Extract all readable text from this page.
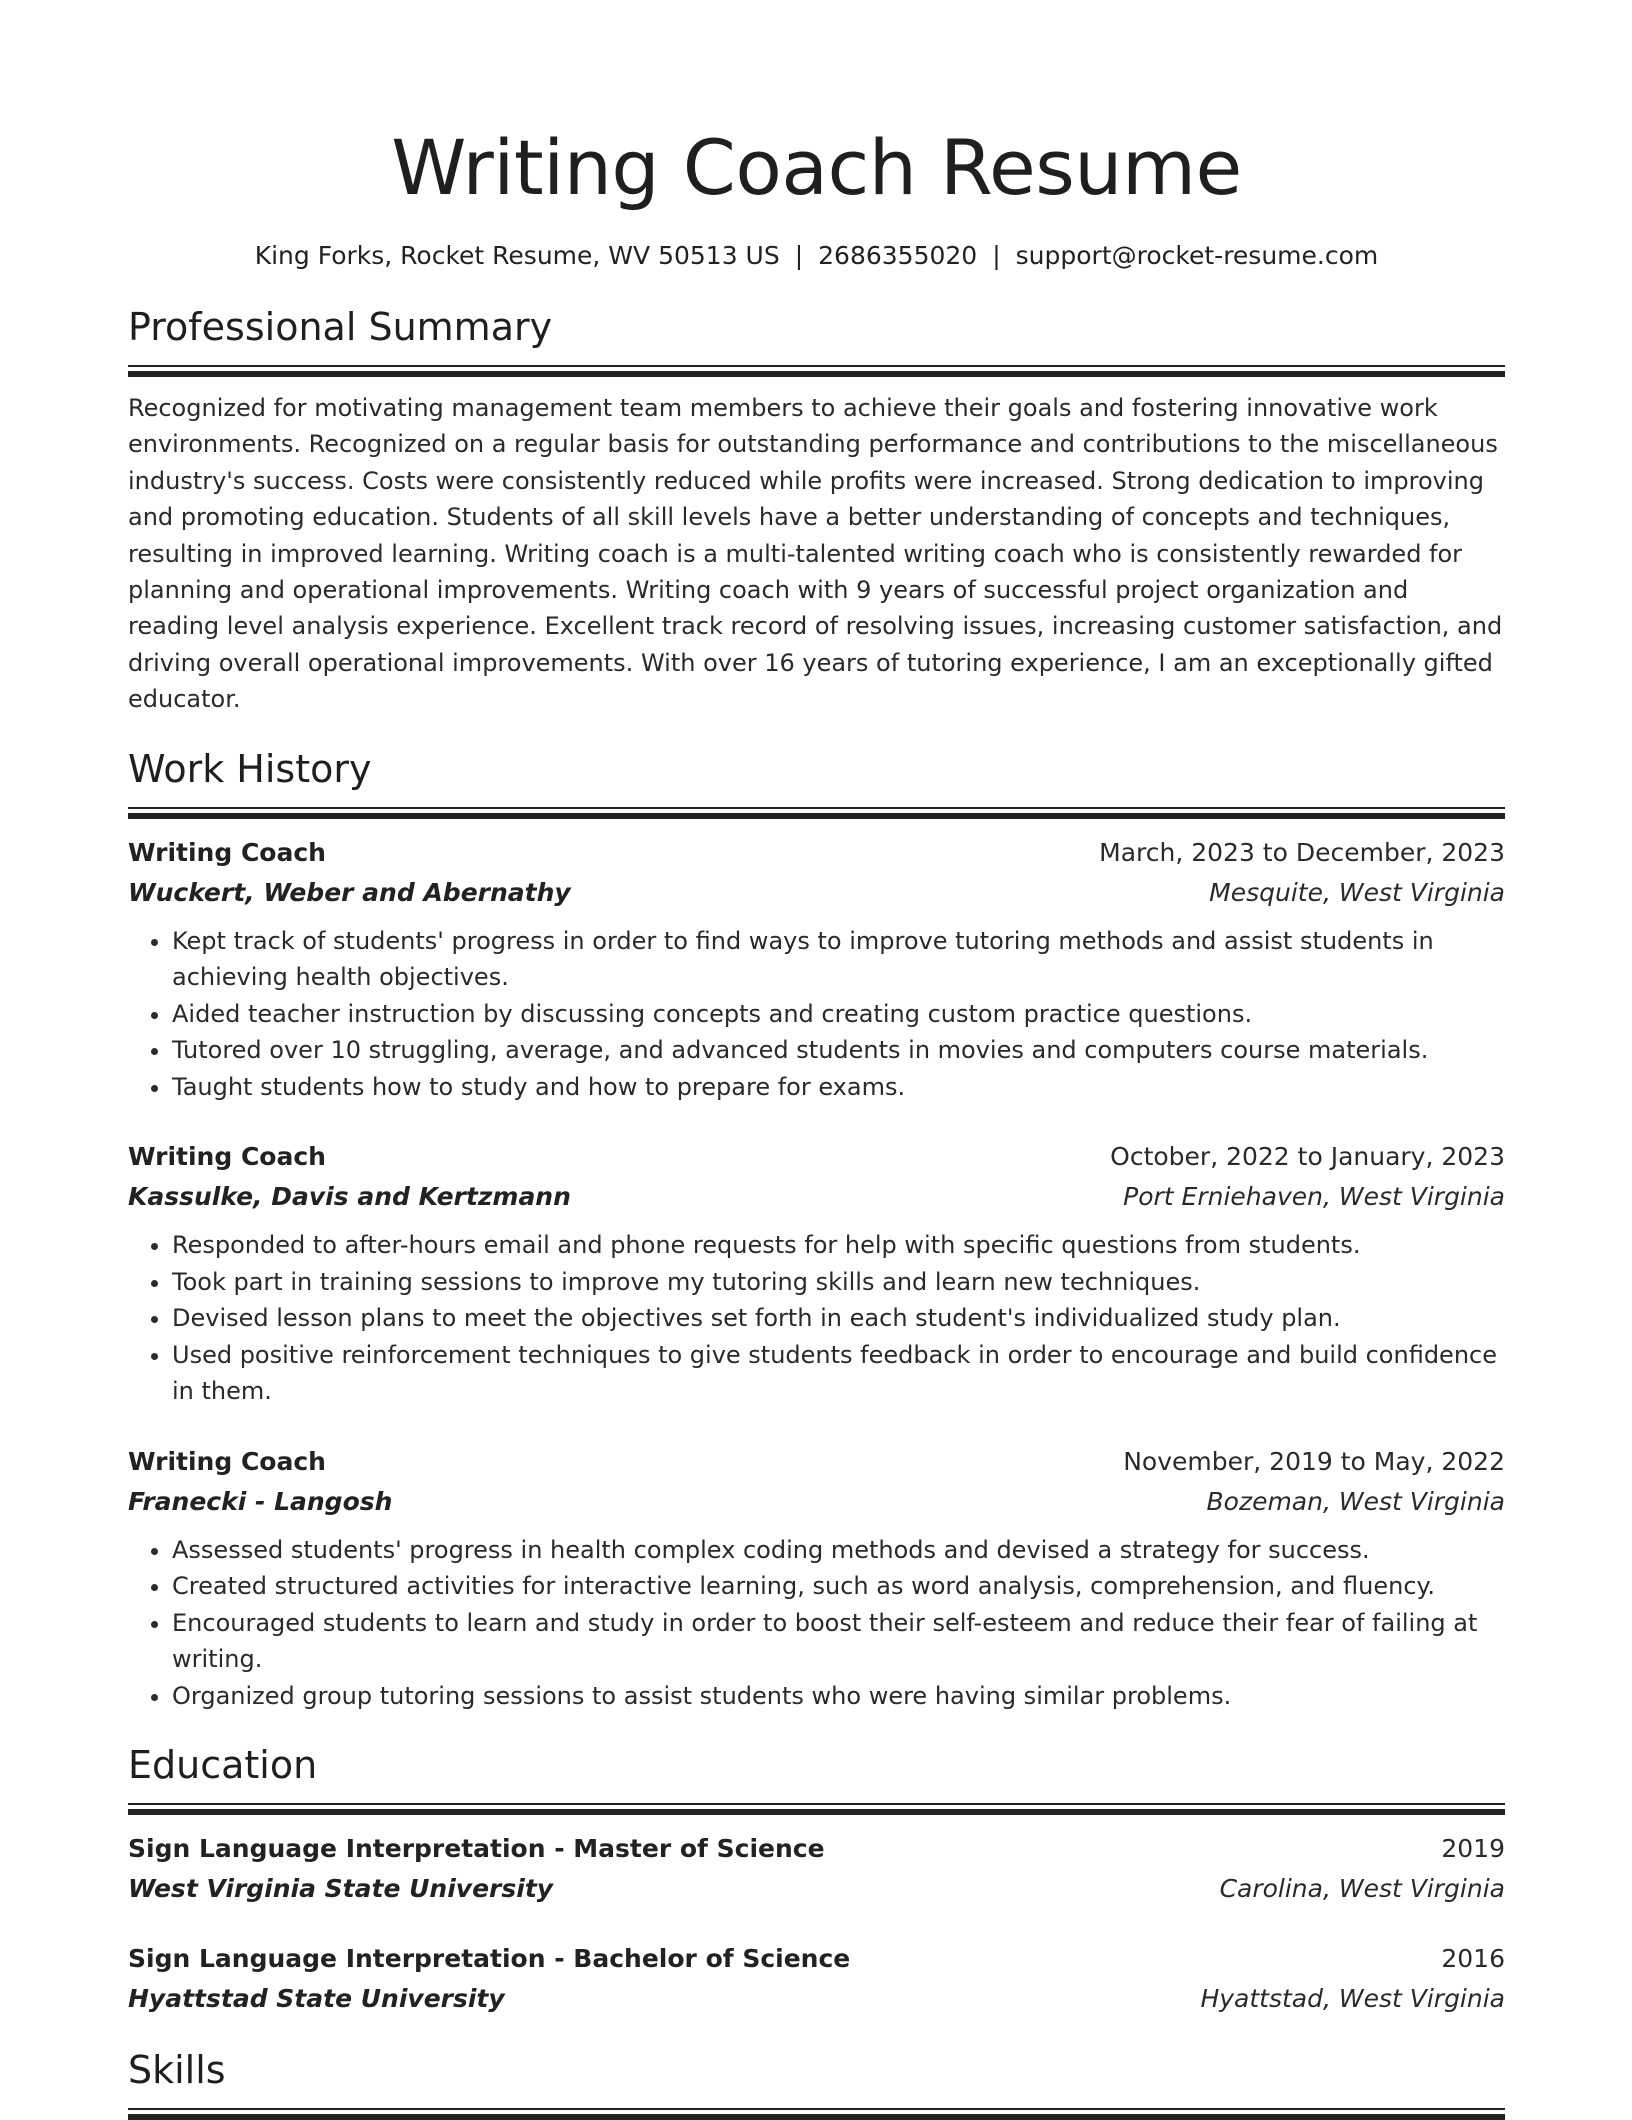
Writing Coach Resume
King Forks, Rocket Resume, WV 50513 US | 2686355020 | support@rocket-resume.com
Professional Summary

Recognized for motivating management team members to achieve their goals and fostering innovative work environments. Recognized on a regular basis for outstanding performance and contributions to the miscellaneous industry's success. Costs were consistently reduced while profits were increased. Strong dedication to improving and promoting education. Students of all skill levels have a better understanding of concepts and techniques, resulting in improved learning. Writing coach is a multi-talented writing coach who is consistently rewarded for planning and operational improvements. Writing coach with 9 years of successful project organization and reading level analysis experience. Excellent track record of resolving issues, increasing customer satisfaction, and driving overall operational improvements. With over 16 years of tutoring experience, I am an exceptionally gifted educator.

Work History
Writing Coach	March, 2023 to December, 2023
Wuckert, Weber and Abernathy	Mesquite, West Virginia
• Kept track of students' progress in order to find ways to improve tutoring methods and assist students in achieving health objectives.
• Aided teacher instruction by discussing concepts and creating custom practice questions.
• Tutored over 10 struggling, average, and advanced students in movies and computers course materials.
• Taught students how to study and how to prepare for exams.
Writing Coach	October, 2022 to January, 2023
Kassulke, Davis and Kertzmann	Port Erniehaven, West Virginia
• Responded to after-hours email and phone requests for help with specific questions from students.
• Took part in training sessions to improve my tutoring skills and learn new techniques.
• Devised lesson plans to meet the objectives set forth in each student's individualized study plan.
• Used positive reinforcement techniques to give students feedback in order to encourage and build confidence in them.
Writing Coach	November, 2019 to May, 2022
Franecki - Langosh	Bozeman, West Virginia
• Assessed students' progress in health complex coding methods and devised a strategy for success.
• Created structured activities for interactive learning, such as word analysis, comprehension, and fluency.
• Encouraged students to learn and study in order to boost their self-esteem and reduce their fear of failing at writing.
• Organized group tutoring sessions to assist students who were having similar problems.
Education
Sign Language Interpretation - Master of Science	2019
West Virginia State University	Carolina, West Virginia
Sign Language Interpretation - Bachelor of Science	2016
Hyattstad State University	Hyattstad, West Virginia
Skills
